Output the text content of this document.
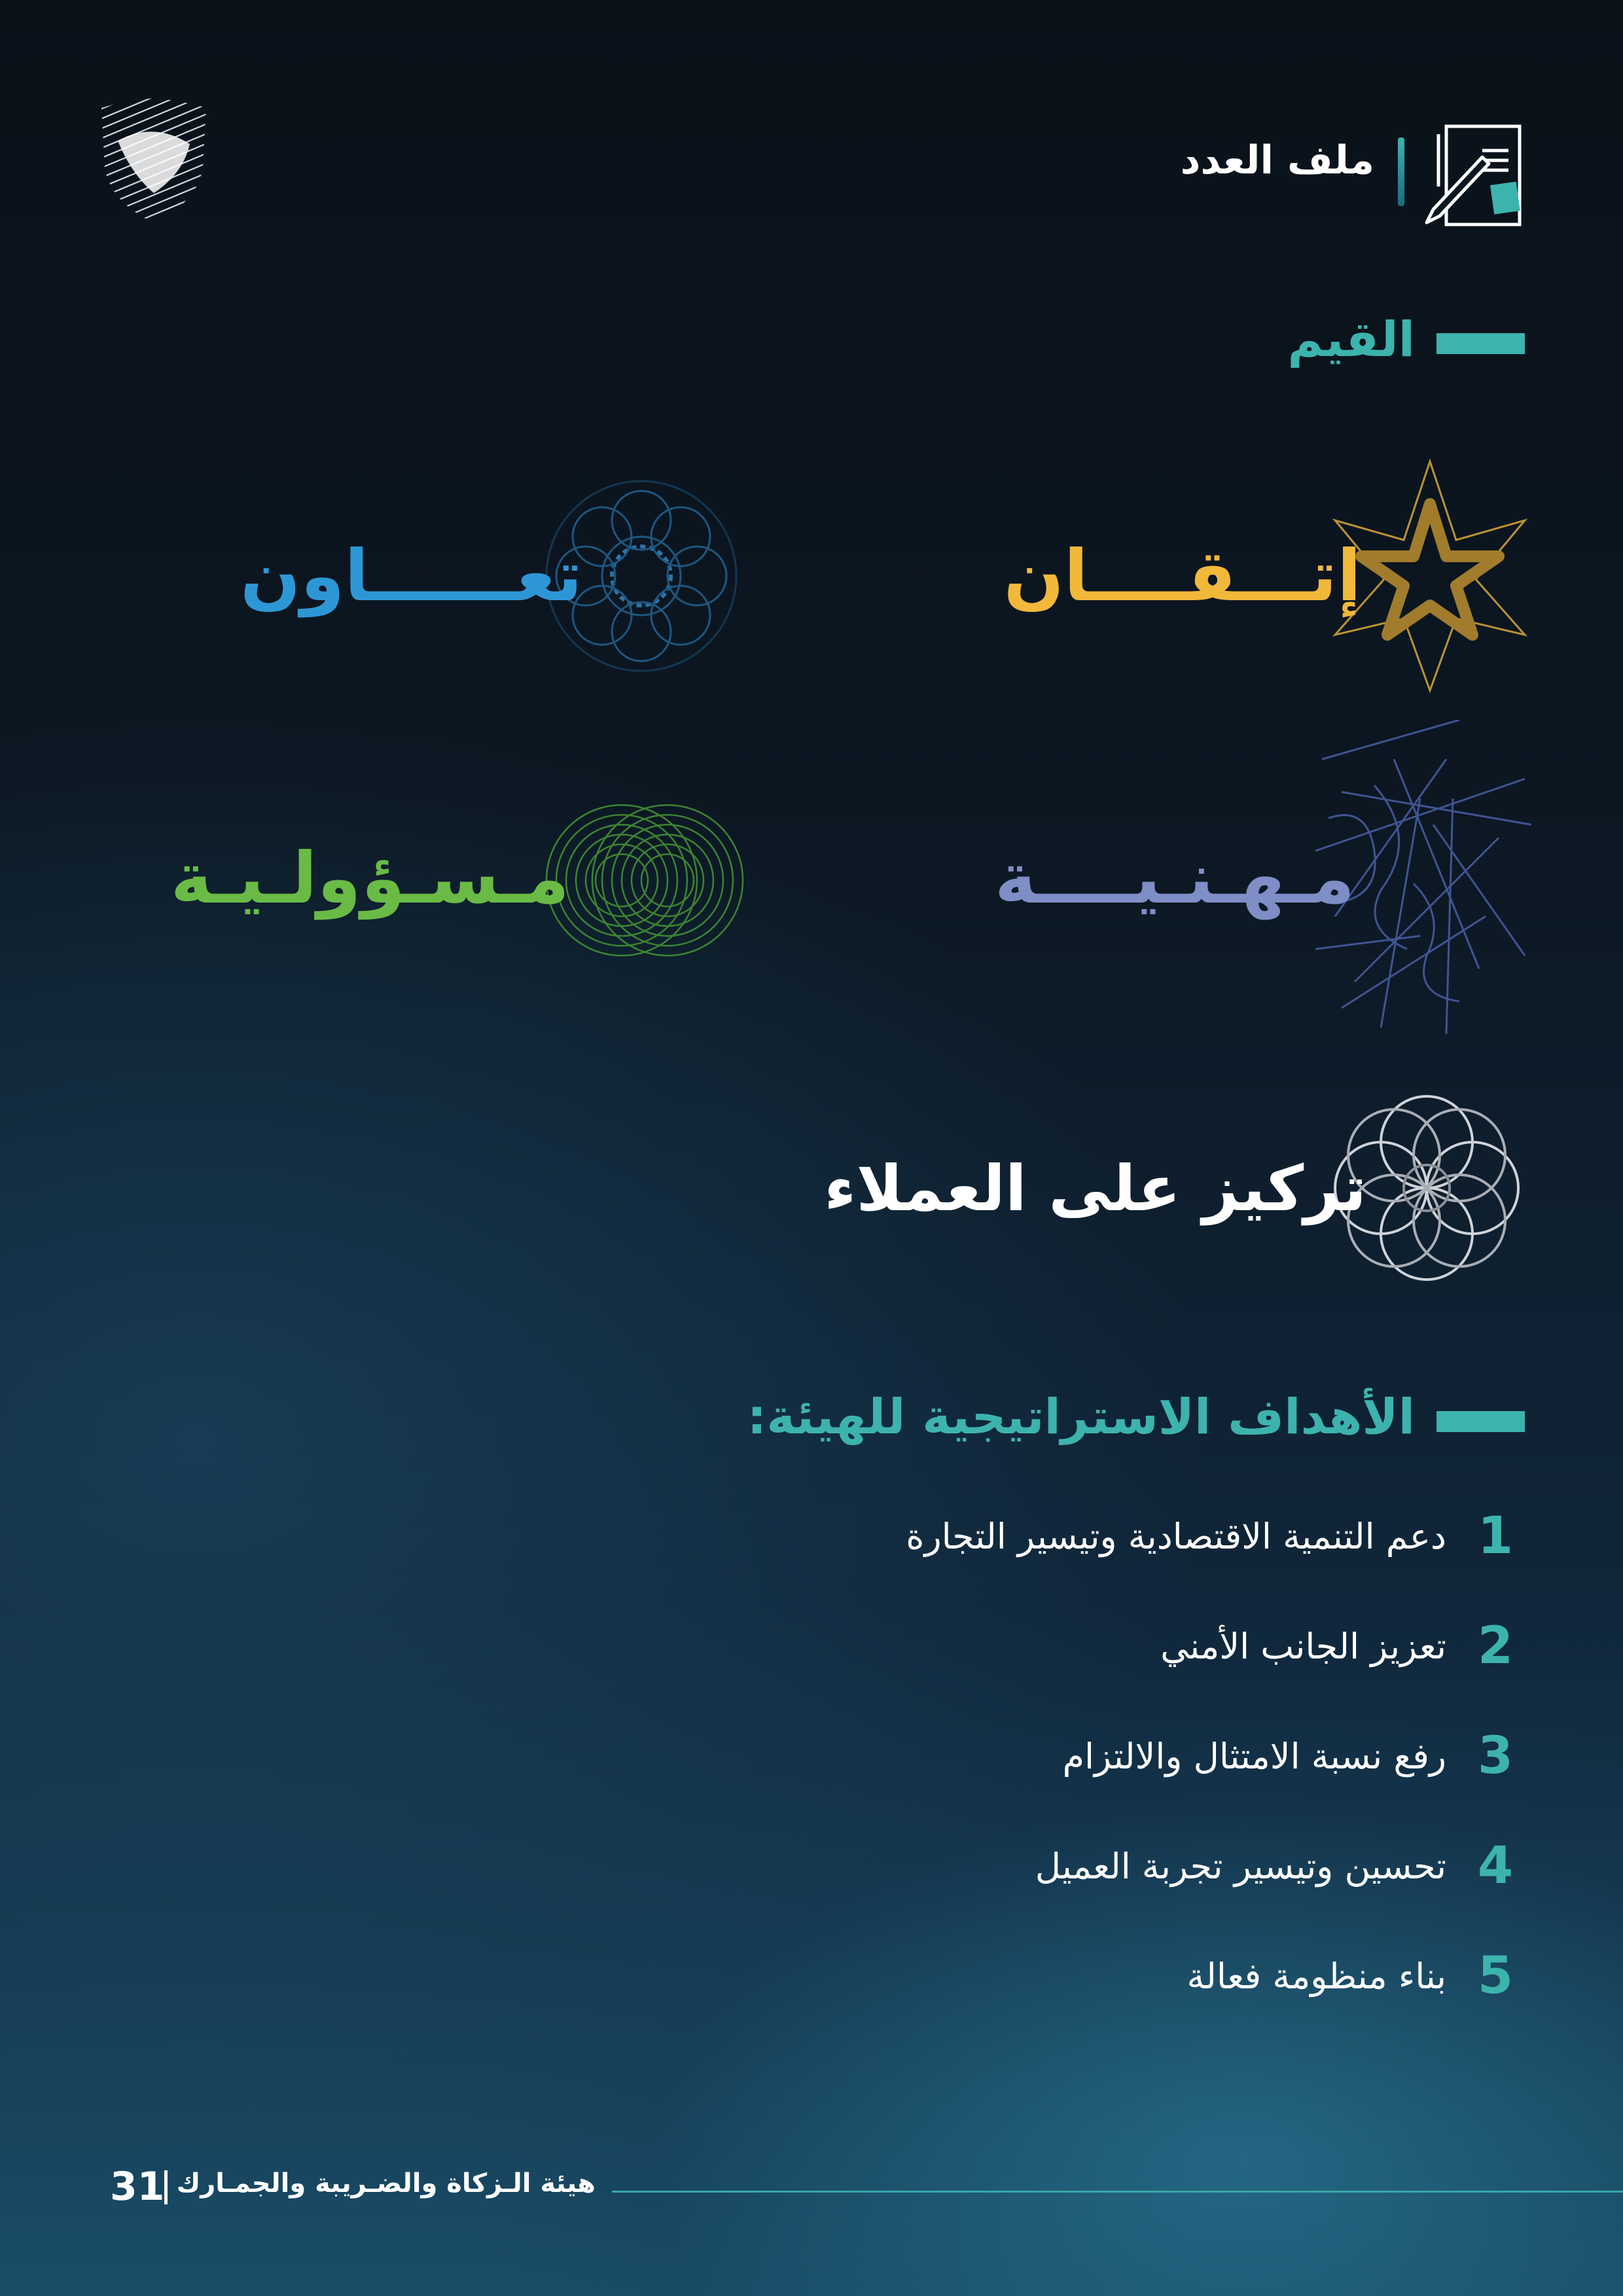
ملف العدد
القيم
إتـــقــــان
تعــــــاون
مـهـنـيــــة
مـسـؤولـيـة
تركيز على العملاء
الأهداف الاستراتيجية للهيئة:
1
دعم التنمية الاقتصادية وتيسير التجارة
2
تعزيز الجانب الأمني
3
رفع نسبة الامتثال والالتزام
4
تحسين وتيسير تجربة العميل
5
بناء منظومة فعالة
هيئة الـزكاة والضـريبة والجمـارك
31
